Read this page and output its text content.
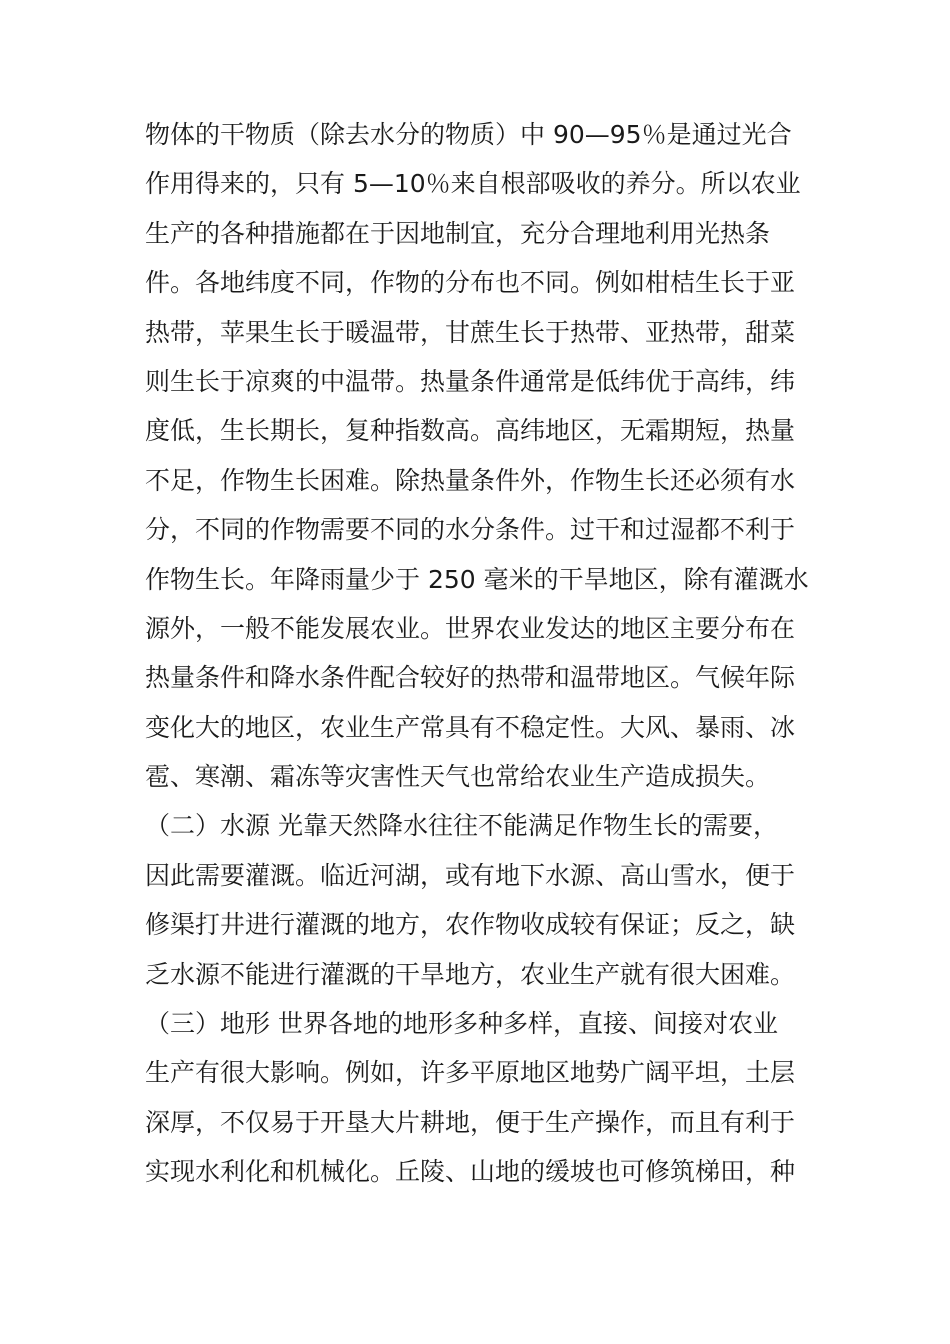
物体的干物质（除去水分的物质）中 90—95％是通过光合
作用得来的，只有 5—10％来自根部吸收的养分。所以农业
生产的各种措施都在于因地制宜，充分合理地利用光热条
件。各地纬度不同，作物的分布也不同。例如柑桔生长于亚
热带，苹果生长于暖温带，甘蔗生长于热带、亚热带，甜菜
则生长于凉爽的中温带。热量条件通常是低纬优于高纬，纬
度低，生长期长，复种指数高。高纬地区，无霜期短，热量
不足，作物生长困难。除热量条件外，作物生长还必须有水
分，不同的作物需要不同的水分条件。过干和过湿都不利于
作物生长。年降雨量少于 250 毫米的干旱地区，除有灌溉水
源外，一般不能发展农业。世界农业发达的地区主要分布在
热量条件和降水条件配合较好的热带和温带地区。气候年际
变化大的地区，农业生产常具有不稳定性。大风、暴雨、冰
雹、寒潮、霜冻等灾害性天气也常给农业生产造成损失。
（二）水源 光靠天然降水往往不能满足作物生长的需要，
因此需要灌溉。临近河湖，或有地下水源、高山雪水，便于
修渠打井进行灌溉的地方，农作物收成较有保证；反之，缺
乏水源不能进行灌溉的干旱地方，农业生产就有很大困难。
（三）地形 世界各地的地形多种多样，直接、间接对农业
生产有很大影响。例如，许多平原地区地势广阔平坦，土层
深厚，不仅易于开垦大片耕地，便于生产操作，而且有利于
实现水利化和机械化。丘陵、山地的缓坡也可修筑梯田，种
